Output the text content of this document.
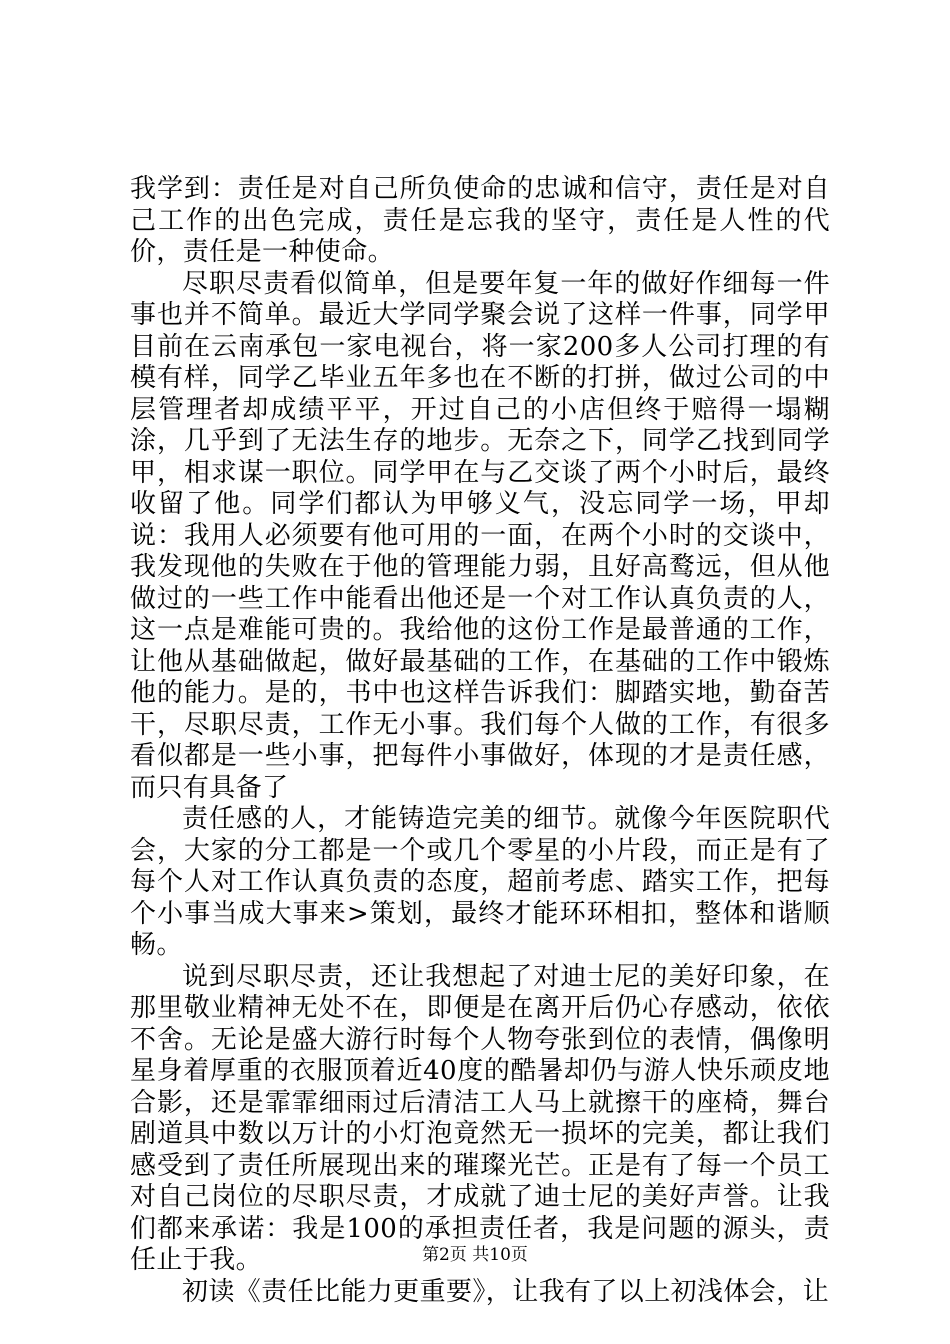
我学到：责任是对自己所负使命的忠诚和信守，责任是对自己工作的出色完成，责任是忘我的坚守，责任是人性的代价，责任是一种使命。

尽职尽责看似简单，但是要年复一年的做好作细每一件事也并不简单。最近大学同学聚会说了这样一件事，同学甲目前在云南承包一家电视台，将一家200多人公司打理的有模有样，同学乙毕业五年多也在不断的打拼，做过公司的中层管理者却成绩平平，开过自己的小店但终于赔得一塌糊涂，几乎到了无法生存的地步。无奈之下，同学乙找到同学甲，相求谋一职位。同学甲在与乙交谈了两个小时后，最终收留了他。同学们都认为甲够义气，没忘同学一场，甲却说：我用人必须要有他可用的一面，在两个小时的交谈中，我发现他的失败在于他的管理能力弱，且好高鹜远，但从他做过的一些工作中能看出他还是一个对工作认真负责的人，这一点是难能可贵的。我给他的这份工作是最普通的工作，让他从基础做起，做好最基础的工作，在基础的工作中锻炼他的能力。是的，书中也这样告诉我们：脚踏实地，勤奋苦干，尽职尽责，工作无小事。我们每个人做的工作，有很多看似都是一些小事，把每件小事做好，体现的才是责任感，而只有具备了

责任感的人，才能铸造完美的细节。就像今年医院职代会，大家的分工都是一个或几个零星的小片段，而正是有了每个人对工作认真负责的态度，超前考虑、踏实工作，把每个小事当成大事来>策划，最终才能环环相扣，整体和谐顺畅。

说到尽职尽责，还让我想起了对迪士尼的美好印象，在那里敬业精神无处不在，即便是在离开后仍心存感动，依依不舍。无论是盛大游行时每个人物夸张到位的表情，偶像明星身着厚重的衣服顶着近40度的酷暑却仍与游人快乐顽皮地合影，还是霏霏细雨过后清洁工人马上就擦干的座椅，舞台剧道具中数以万计的小灯泡竟然无一损坏的完美，都让我们感受到了责任所展现出来的璀璨光芒。正是有了每一个员工对自己岗位的尽职尽责，才成就了迪士尼的美好声誉。让我们都来承诺：我是100的承担责任者，我是问题的源头，责任止于我。

初读《责任比能力更重要》，让我有了以上初浅体会，让

第2页 共10页
